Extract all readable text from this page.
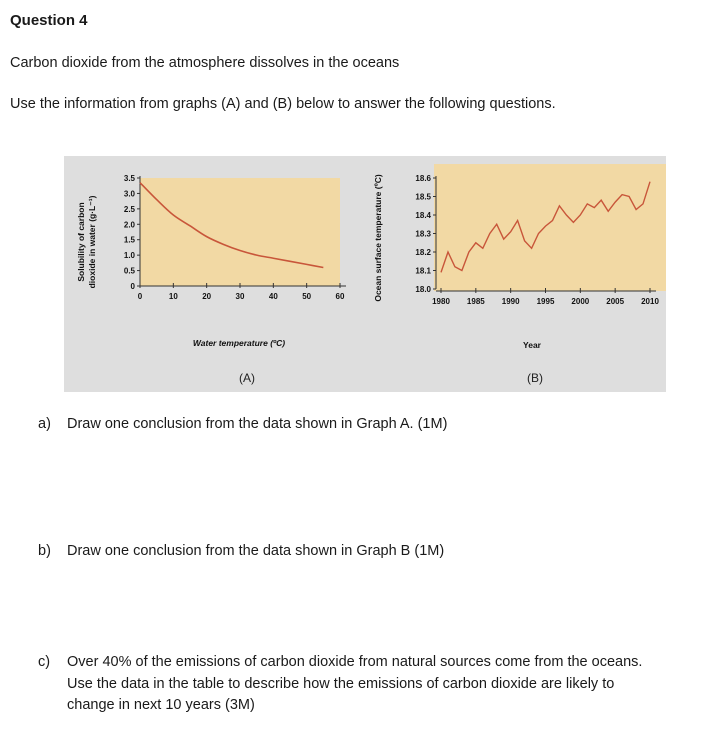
Question 4
Carbon dioxide from the atmosphere dissolves in the oceans
Use the information from graphs (A) and (B) below to answer the following questions.
0	10	20	30	40	50	60
0
0.5
1.0
1.5
2.0
2.5
3.0
3.5
Water temperature (ºC)
Solubility of carbon dioxide in water (g·L⁻¹)
(A)
1980 1985 1990 1995 2000 2005 2010
18.0
18.1
18.2
18.3
18.4
18.5
18.6
Year
Ocean surface temperature (ºC)
(B)
a)	Draw one conclusion from the data shown in Graph A. (1M)
b)	Draw one conclusion from the data shown in Graph B (1M)
c)	Over 40% of the emissions of carbon dioxide from natural sources come from the oceans.
Use the data in the table to describe how the emissions of carbon dioxide are likely to
change in next 10 years (3M)
